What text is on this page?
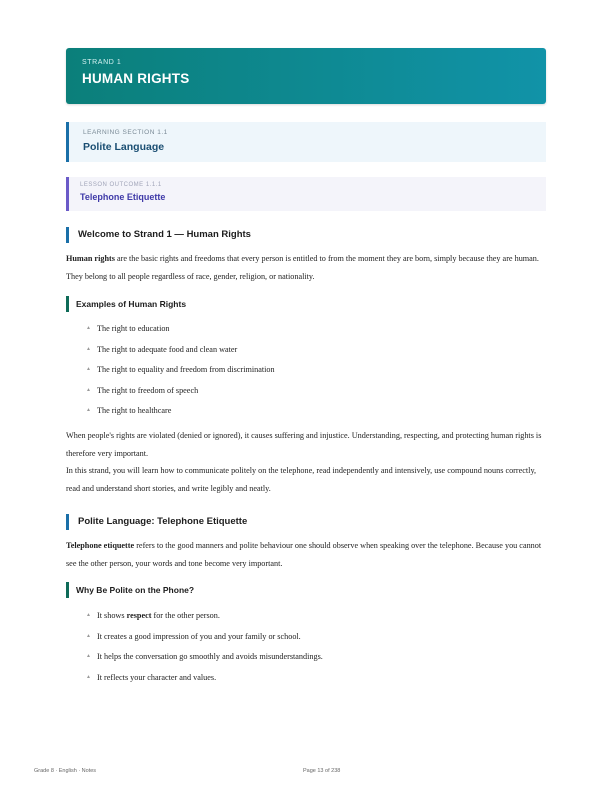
STRAND 1
HUMAN RIGHTS
LEARNING SECTION 1.1
Polite Language
LESSON OUTCOME 1.1.1
Telephone Etiquette
Welcome to Strand 1 — Human Rights
Human rights are the basic rights and freedoms that every person is entitled to from the moment they are born, simply because they are human. They belong to all people regardless of race, gender, religion, or nationality.
Examples of Human Rights
▲ The right to education
▲ The right to adequate food and clean water
▲ The right to equality and freedom from discrimination
▲ The right to freedom of speech
▲ The right to healthcare
When people's rights are violated (denied or ignored), it causes suffering and injustice. Understanding, respecting, and protecting human rights is therefore very important.
In this strand, you will learn how to communicate politely on the telephone, read independently and intensively, use compound nouns correctly, read and understand short stories, and write legibly and neatly.
Polite Language: Telephone Etiquette
Telephone etiquette refers to the good manners and polite behaviour one should observe when speaking over the telephone. Because you cannot see the other person, your words and tone become very important.
Why Be Polite on the Phone?
▲ It shows respect for the other person.
▲ It creates a good impression of you and your family or school.
▲ It helps the conversation go smoothly and avoids misunderstandings.
▲ It reflects your character and values.
Grade 8 · English · Notes	Page 13 of 238
